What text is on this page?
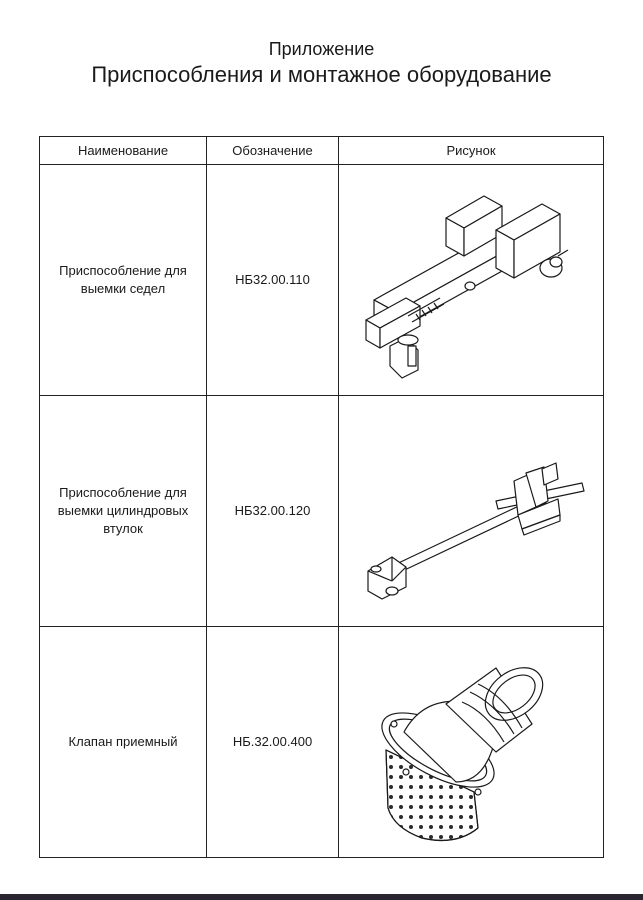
Приложение

Приспособления и монтажное оборудование

Наименование	Обозначение	Рисунок
Приспособление для выемки седел	НБ32.00.110	

Приспособление для выемки цилиндровых втулок	НБ32.00.120	

Клапан приемный	НБ.32.00.400	
